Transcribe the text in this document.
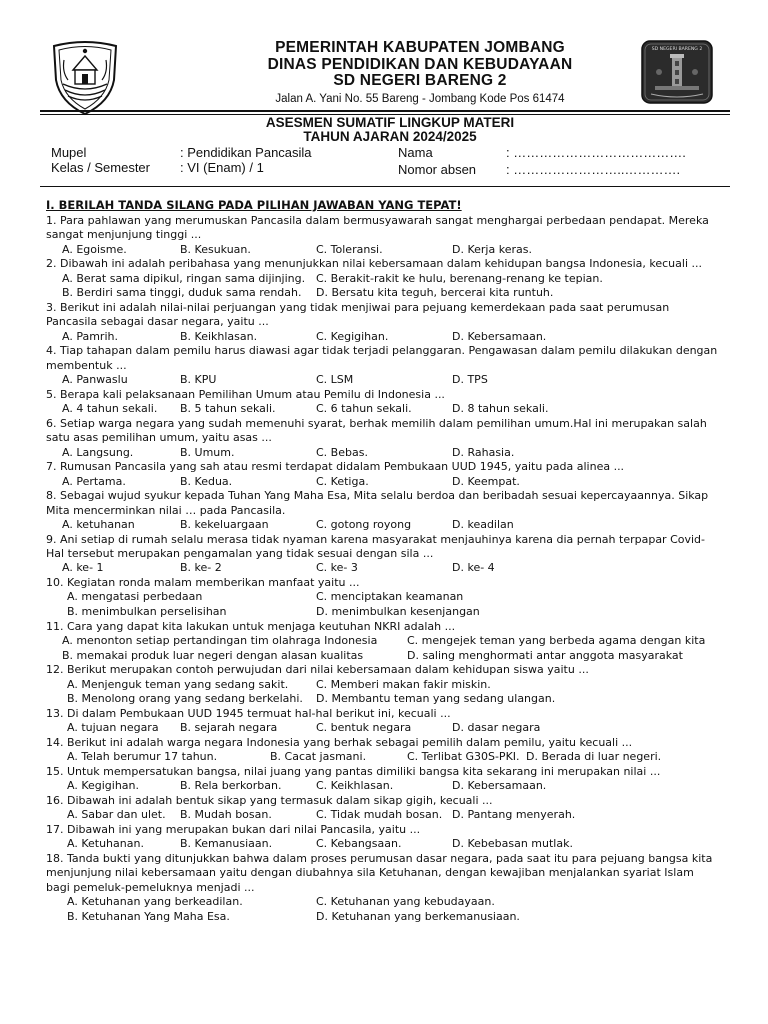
PEMERINTAH KABUPATEN JOMBANG
DINAS PENDIDIKAN DAN KEBUDAYAAN
SD NEGERI BARENG 2
Jalan A. Yani No. 55 Bareng - Jombang Kode Pos 61474
SD NEGERI BARENG 2
ASESMEN SUMATIF LINGKUP MATERI
TAHUN AJARAN 2024/2025
Mupel	: Pendidikan Pancasila
Kelas / Semester : VI (Enam) / 1
Nama	: ………………………………….
Nomor absen : ……………………..………….
I. BERILAH TANDA SILANG PADA PILIHAN JAWABAN YANG TEPAT!
1. Para pahlawan yang merumuskan Pancasila dalam bermusyawarah sangat menghargai perbedaan pendapat. Mereka
sangat menjunjung tinggi ...
A. Egoisme.	B. Kesukuan.	C. Toleransi.	D. Kerja keras.
2. Dibawah ini adalah peribahasa yang menunjukkan nilai kebersamaan dalam kehidupan bangsa Indonesia, kecuali ...
A. Berat sama dipikul, ringan sama dijinjing. C. Berakit-rakit ke hulu, berenang-renang ke tepian.
B. Berdiri sama tinggi, duduk sama rendah. D. Bersatu kita teguh, bercerai kita runtuh.
3. Berikut ini adalah nilai-nilai perjuangan yang tidak menjiwai para pejuang kemerdekaan pada saat perumusan
Pancasila sebagai dasar negara, yaitu ...
A. Pamrih.	B. Keikhlasan.	C. Kegigihan.	D. Kebersamaan.
4. Tiap tahapan dalam pemilu harus diawasi agar tidak terjadi pelanggaran. Pengawasan dalam pemilu dilakukan dengan
membentuk ...
A. Panwaslu	B. KPU	C. LSM	D. TPS
5. Berapa kali pelaksanaan Pemilihan Umum atau Pemilu di Indonesia ...
A. 4 tahun sekali. B. 5 tahun sekali.	C. 6 tahun sekali.	D. 8 tahun sekali.
6. Setiap warga negara yang sudah memenuhi syarat, berhak memilih dalam pemilihan umum.Hal ini merupakan salah
satu asas pemilihan umum, yaitu asas ...
A. Langsung.	B. Umum.	C. Bebas.	D. Rahasia.
7. Rumusan Pancasila yang sah atau resmi terdapat didalam Pembukaan UUD 1945, yaitu pada alinea ...
A. Pertama.	B. Kedua.	C. Ketiga.	D. Keempat.
8. Sebagai wujud syukur kepada Tuhan Yang Maha Esa, Mita selalu berdoa dan beribadah sesuai kepercayaannya. Sikap
Mita mencerminkan nilai … pada Pancasila.
A. ketuhanan	B. kekeluargaan	C. gotong royong	D. keadilan
9. Ani setiap di rumah selalu merasa tidak nyaman karena masyarakat menjauhinya karena dia pernah terpapar Covid-
Hal tersebut merupakan pengamalan yang tidak sesuai dengan sila ...
A. ke- 1	B. ke- 2	C. ke- 3	D. ke- 4
10. Kegiatan ronda malam memberikan manfaat yaitu ...
A. mengatasi perbedaan	C. menciptakan keamanan
B. menimbulkan perselisihan	D. menimbulkan kesenjangan
11. Cara yang dapat kita lakukan untuk menjaga keutuhan NKRI adalah ...
A. menonton setiap pertandingan tim olahraga Indonesia	C. mengejek teman yang berbeda agama dengan kita
B. memakai produk luar negeri dengan alasan kualitas	D. saling menghormati antar anggota masyarakat
12. Berikut merupakan contoh perwujudan dari nilai kebersamaan dalam kehidupan siswa yaitu ...
A. Menjenguk teman yang sedang sakit.	C. Memberi makan fakir miskin.
B. Menolong orang yang sedang berkelahi. D. Membantu teman yang sedang ulangan.
13. Di dalam Pembukaan UUD 1945 termuat hal-hal berikut ini, kecuali ...
A. tujuan negara B. sejarah negara	C. bentuk negara	D. dasar negara
14. Berikut ini adalah warga negara Indonesia yang berhak sebagai pemilih dalam pemilu, yaitu kecuali ...
A. Telah berumur 17 tahun.	B. Cacat jasmani.	C. Terlibat G30S-PKI. D. Berada di luar negeri.
15. Untuk mempersatukan bangsa, nilai juang yang pantas dimiliki bangsa kita sekarang ini merupakan nilai ...
A. Kegigihan.	B. Rela berkorban.	C. Keikhlasan.	D. Kebersamaan.
16. Dibawah ini adalah bentuk sikap yang termasuk dalam sikap gigih, kecuali ...
A. Sabar dan ulet. B. Mudah bosan.	C. Tidak mudah bosan. D. Pantang menyerah.
17. Dibawah ini yang merupakan bukan dari nilai Pancasila, yaitu ...
A. Ketuhanan.	B. Kemanusiaan.	C. Kebangsaan.	D. Kebebasan mutlak.
18. Tanda bukti yang ditunjukkan bahwa dalam proses perumusan dasar negara, pada saat itu para pejuang bangsa kita
menjunjung nilai kebersamaan yaitu dengan diubahnya sila Ketuhanan, dengan kewajiban menjalankan syariat Islam
bagi pemeluk-pemeluknya menjadi ...
A. Ketuhanan yang berkeadilan.	C. Ketuhanan yang kebudayaan.
B. Ketuhanan Yang Maha Esa.	D. Ketuhanan yang berkemanusiaan.
